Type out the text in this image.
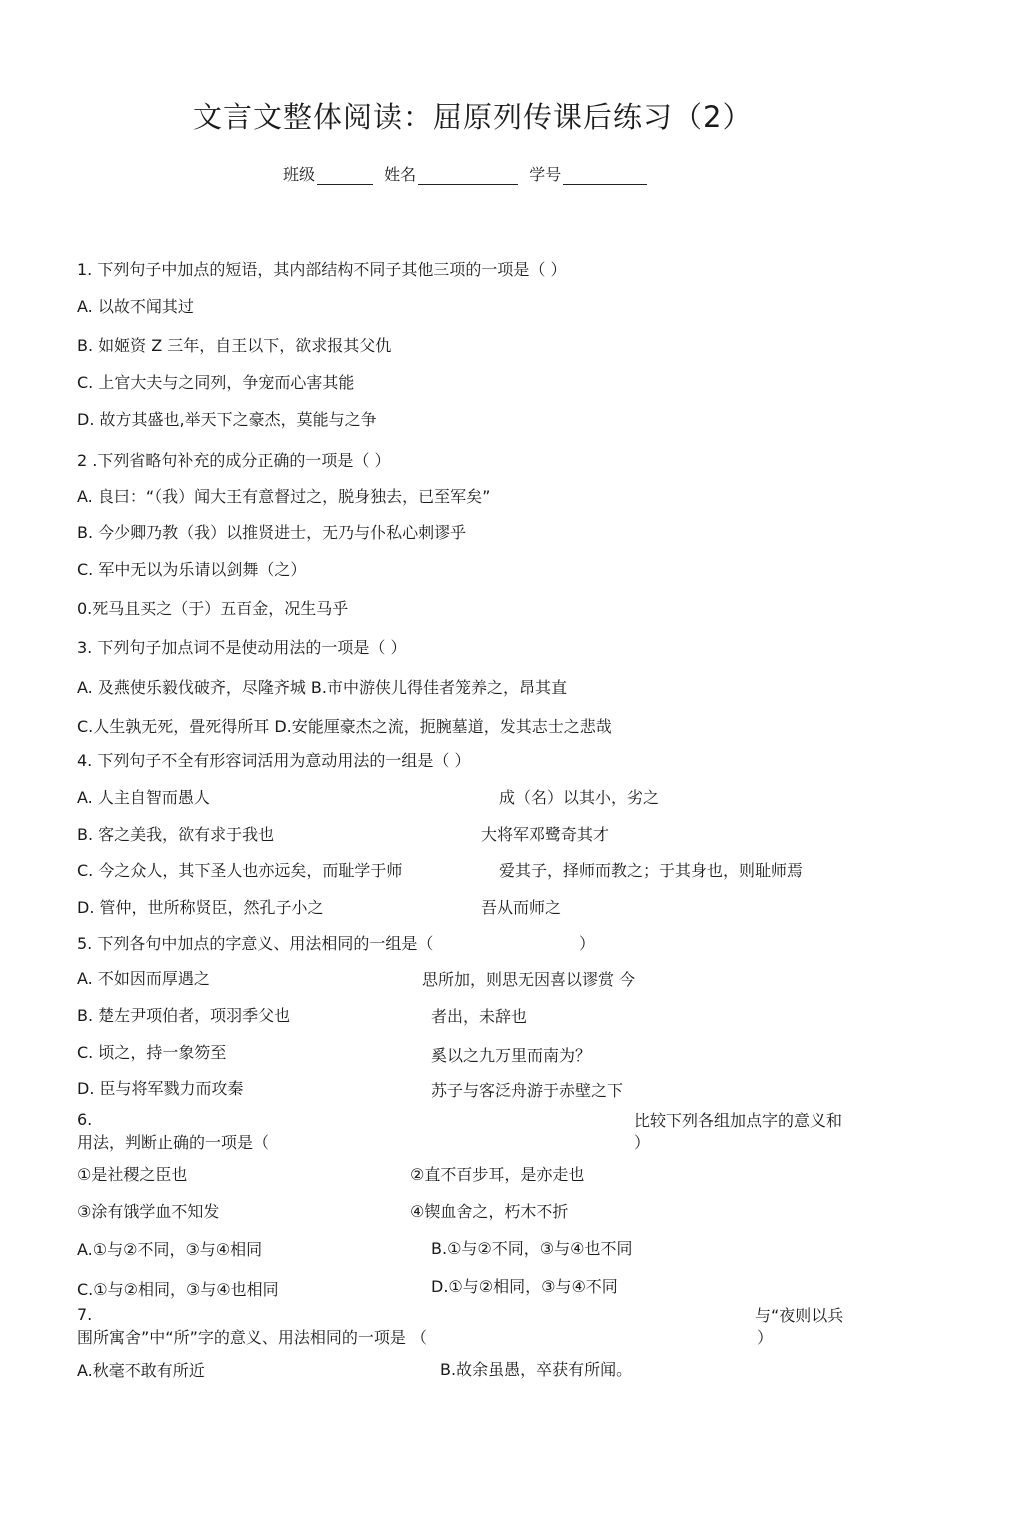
文言文整体阅读：屈原列传课后练习（2）
班级	姓名	学号
1. 下列句子中加点的短语，其内部结构不同子其他三项的一项是（ ）
A. 以故不闻其过
B. 如姬资 Z 三年，自王以下，欲求报其父仇
C. 上官大夫与之同列，争宠而心害其能
D. 故方其盛也,举天下之豪杰，莫能与之争
2 .下列省略句补充的成分正确的一项是（ ）
A. 良曰：“（我）闻大王有意督过之，脱身独去，已至军矣”
B. 今少卿乃教（我）以推贤进士，无乃与仆私心刺谬乎
C. 军中无以为乐请以剑舞（之）
0.死马且买之（于）五百金，况生马乎
3. 下列句子加点词不是使动用法的一项是（ ）
A. 及燕使乐毅伐破齐，尽隆齐城 B.市中游侠儿得佳者笼养之，昂其直
C.人生孰无死，畳死得所耳 D.安能厘豪杰之流，扼腕墓道，发其志士之悲哉
4. 下列句子不全有形容词活用为意动用法的一组是（ ）
A. 人主自智而愚人	成（名）以其小，劣之
B. 客之美我，欲有求于我也	大将军邓鹭奇其才
C. 今之众人，其下圣人也亦远矣，而耻学于师	爱其子，择师而教之；于其身也，则耻师焉
D. 管仲，世所称贤臣，然孔子小之	吾从而师之
5. 下列各句中加点的字意义、用法相同的一组是（	）
A. 不如因而厚遇之	思所加，则思无因喜以谬赏 今
B. 楚左尹项伯者，项羽季父也	者出，未辞也
C. 顷之，持一象笏至	奚以之九万里而南为？
D. 臣与将军戮力而攻秦	苏子与客泛舟游于赤壁之下
6.	比较下列各组加点字的意义和
用法，判断止确的一项是（	）
①是社稷之臣也	②直不百步耳，是亦走也
③涂有饿学血不知发	④锲血舍之，朽木不折
A.①与②不同，③与④相同	B.①与②不同，③与④也不同
C.①与②相同，③与④也相同	D.①与②相同，③与④不同
7.	与“夜则以兵
围所寓舍”中“所”字的意义、用法相同的一项是 （	）
A.秋毫不敢有所近	B.故余虽愚，卒获有所闻。
